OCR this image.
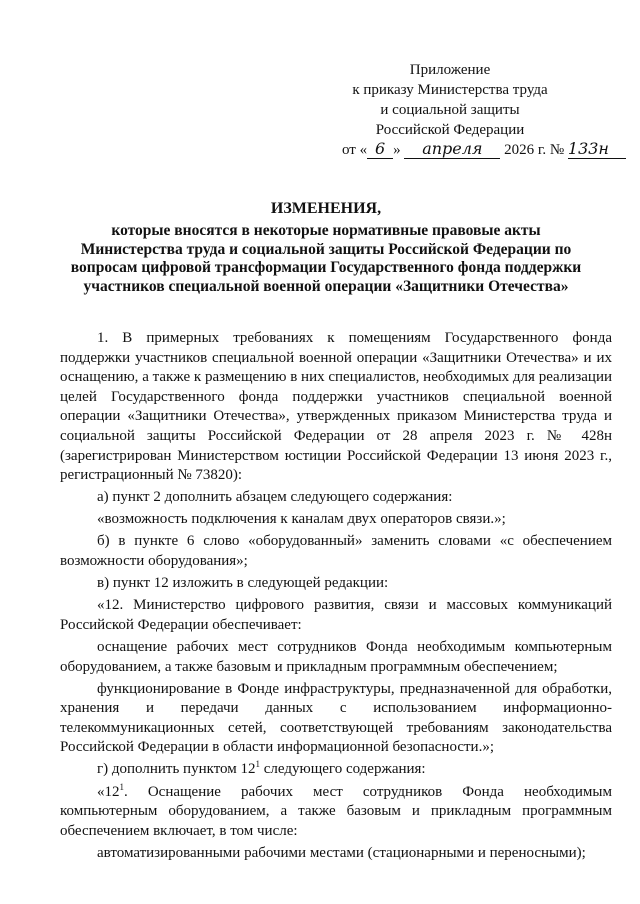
Приложение
к приказу Министерства труда
и социальной защиты
Российской Федерации
от « 6 » апреля 2026 г. № 133н
ИЗМЕНЕНИЯ,
которые вносятся в некоторые нормативные правовые акты Министерства труда и социальной защиты Российской Федерации по вопросам цифровой трансформации Государственного фонда поддержки участников специальной военной операции «Защитники Отечества»

1. В примерных требованиях к помещениям Государственного фонда поддержки участников специальной военной операции «Защитники Отечества» и их оснащению, а также к размещению в них специалистов, необходимых для реализации целей Государственного фонда поддержки участников специальной военной операции «Защитники Отечества», утвержденных приказом Министерства труда и социальной защиты Российской Федерации от 28 апреля 2023 г. № 428н (зарегистрирован Министерством юстиции Российской Федерации 13 июня 2023 г., регистрационный № 73820):

а) пункт 2 дополнить абзацем следующего содержания:

«возможность подключения к каналам двух операторов связи.»;

б) в пункте 6 слово «оборудованный» заменить словами «с обеспечением возможности оборудования»;

в) пункт 12 изложить в следующей редакции:

«12. Министерство цифрового развития, связи и массовых коммуникаций Российской Федерации обеспечивает:

оснащение рабочих мест сотрудников Фонда необходимым компьютерным оборудованием, а также базовым и прикладным программным обеспечением;

функционирование в Фонде инфраструктуры, предназначенной для обработки, хранения и передачи данных с использованием информационно-телекоммуникационных сетей, соответствующей требованиям законодательства Российской Федерации в области информационной безопасности.»;

г) дополнить пунктом $12^1$ следующего содержания:

«$12^1$. Оснащение рабочих мест сотрудников Фонда необходимым компьютерным оборудованием, а также базовым и прикладным программным обеспечением включает, в том числе:

автоматизированными рабочими местами (стационарными и переносными);
